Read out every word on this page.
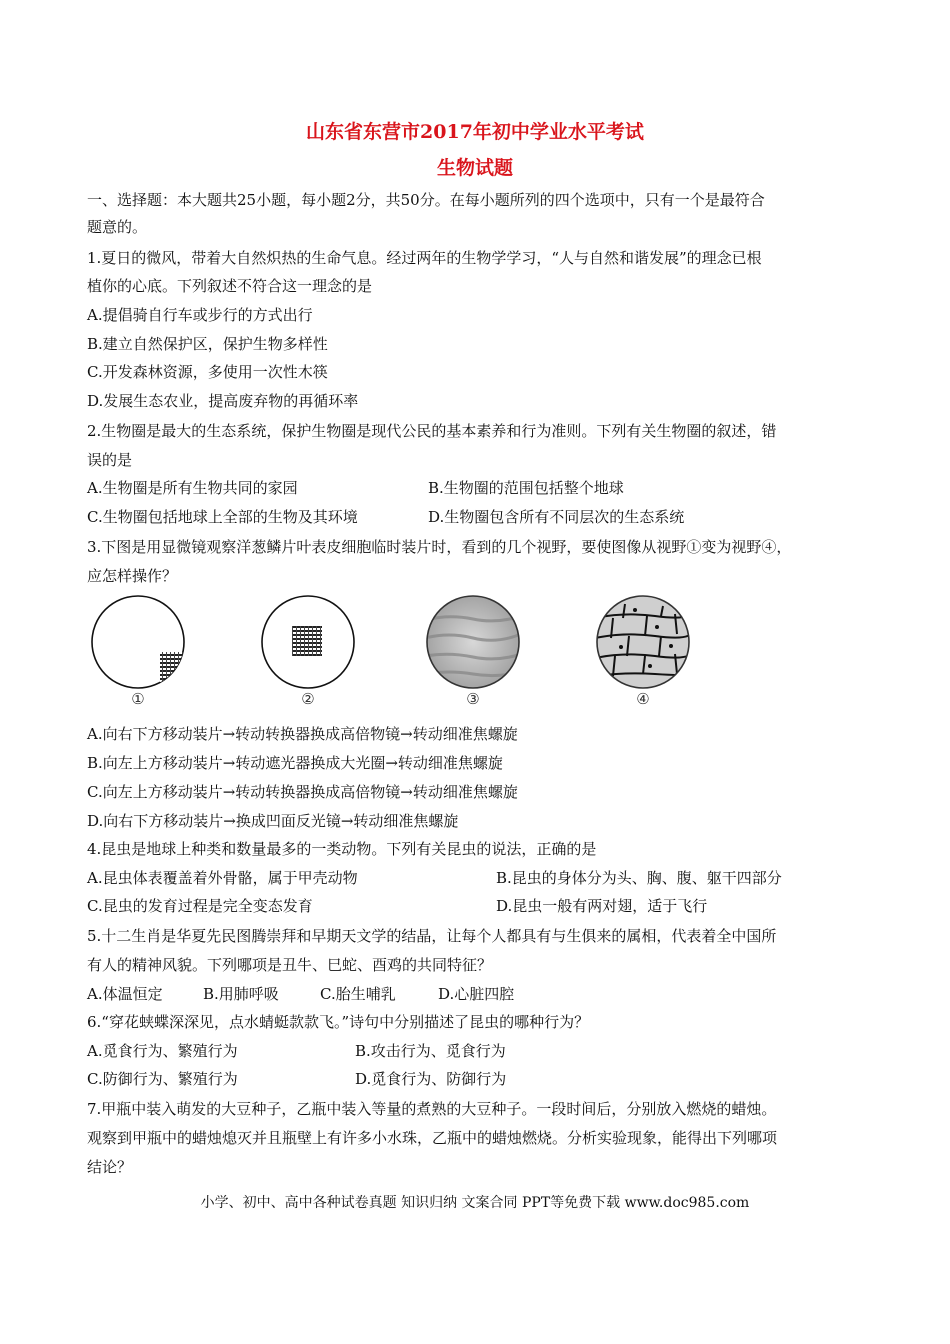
山东省东营市2017年初中学业水平考试
生物试题
一、选择题：本大题共25小题，每小题2分，共50分。在每小题所列的四个选项中，只有一个是最符合
题意的。
1.夏日的微风，带着大自然炽热的生命气息。经过两年的生物学学习，“人与自然和谐发展”的理念已根
植你的心底。下列叙述不符合这一理念的是
A.提倡骑自行车或步行的方式出行
B.建立自然保护区，保护生物多样性
C.开发森林资源，多使用一次性木筷
D.发展生态农业，提高废弃物的再循环率
2.生物圈是最大的生态系统，保护生物圈是现代公民的基本素养和行为准则。下列有关生物圈的叙述，错
误的是
A.生物圈是所有生物共同的家园	B.生物圈的范围包括整个地球
C.生物圈包括地球上全部的生物及其环境	D.生物圈包含所有不同层次的生态系统
3.下图是用显微镜观察洋葱鳞片叶表皮细胞临时装片时，看到的几个视野，要使图像从视野①变为视野④，
应怎样操作？
①	②	③	④
A.向右下方移动装片→转动转换器换成高倍物镜→转动细准焦螺旋
B.向左上方移动装片→转动遮光器换成大光圈→转动细准焦螺旋
C.向左上方移动装片→转动转换器换成高倍物镜→转动细准焦螺旋
D.向右下方移动装片→换成凹面反光镜→转动细准焦螺旋
4.昆虫是地球上种类和数量最多的一类动物。下列有关昆虫的说法，正确的是
A.昆虫体表覆盖着外骨骼，属于甲壳动物	B.昆虫的身体分为头、胸、腹、躯干四部分
C.昆虫的发育过程是完全变态发育	D.昆虫一般有两对翅，适于飞行
5.十二生肖是华夏先民图腾崇拜和早期天文学的结晶，让每个人都具有与生俱来的属相，代表着全中国所
有人的精神风貌。下列哪项是丑牛、巳蛇、酉鸡的共同特征？
A.体温恒定	B.用肺呼吸	C.胎生哺乳	D.心脏四腔
6.“穿花蛱蝶深深见，点水蜻蜓款款飞。”诗句中分别描述了昆虫的哪种行为？
A.觅食行为、繁殖行为	B.攻击行为、觅食行为
C.防御行为、繁殖行为	D.觅食行为、防御行为
7.甲瓶中装入萌发的大豆种子，乙瓶中装入等量的煮熟的大豆种子。一段时间后，分别放入燃烧的蜡烛。
观察到甲瓶中的蜡烛熄灭并且瓶壁上有许多小水珠，乙瓶中的蜡烛燃烧。分析实验现象，能得出下列哪项
结论？
小学、初中、高中各种试卷真题 知识归纳 文案合同 PPT等免费下载 www.doc985.com
